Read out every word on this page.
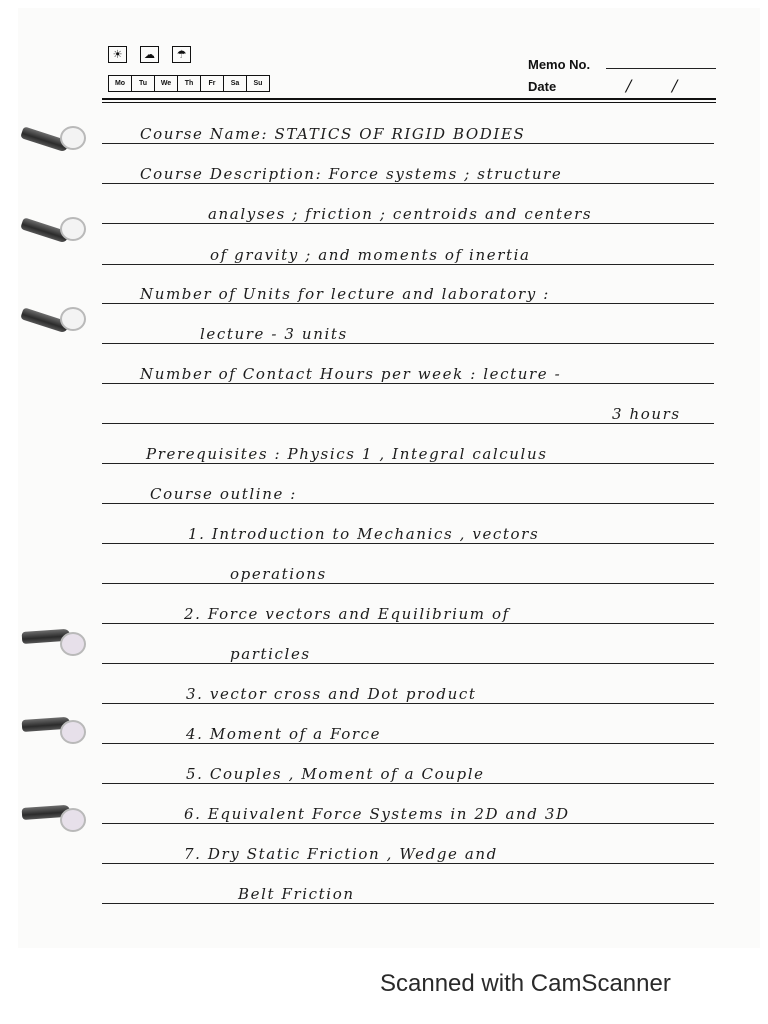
☀	☁	☂
Mo	Tu	We	Th	Fr	Sa	Su
Memo No.
Date	/	/
Course Name: STATICS OF RIGID BODIES
Course Description: Force systems ; structure
analyses ; friction ; centroids and centers
of gravity ; and moments of inertia
Number of Units for lecture and laboratory :
lecture - 3 units
Number of Contact Hours per week : lecture -
3 hours
Prerequisites : Physics 1 , Integral calculus
Course outline :
1. Introduction to Mechanics , vectors
operations
2. Force vectors and Equilibrium of
particles
3. vector cross and Dot product
4. Moment of a Force
5. Couples , Moment of a Couple
6. Equivalent Force Systems in 2D and 3D
7. Dry Static Friction , Wedge and
Belt Friction
Scanned with CamScanner
